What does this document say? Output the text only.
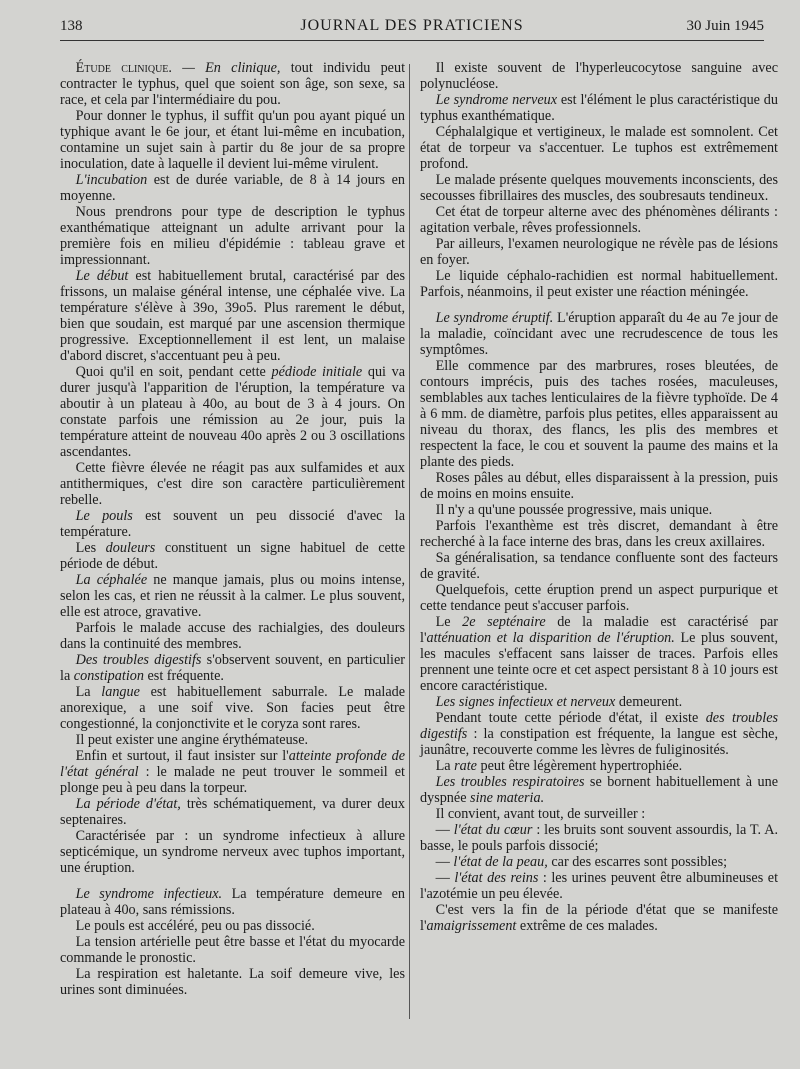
138	JOURNAL DES PRATICIENS	30 Juin 1945

Étude clinique. — En clinique, tout individu peut contracter le typhus, quel que soient son âge, son sexe, sa race, et cela par l'intermédiaire du pou.

Pour donner le typhus, il suffit qu'un pou ayant piqué un typhique avant le 6e jour, et étant lui-même en incubation, contamine un sujet sain à partir du 8e jour de sa propre inoculation, date à laquelle il devient lui-même virulent.

L'incubation est de durée variable, de 8 à 14 jours en moyenne.

Nous prendrons pour type de description le typhus exanthématique atteignant un adulte arrivant pour la première fois en milieu d'épidémie : tableau grave et impressionnant.

Le début est habituellement brutal, caractérisé par des frissons, un malaise général intense, une céphalée vive. La température s'élève à 39o, 39o5. Plus rarement le début, bien que soudain, est marqué par une ascension thermique progressive. Exceptionnellement il est lent, un malaise d'abord discret, s'accentuant peu à peu.

Quoi qu'il en soit, pendant cette pédiode initiale qui va durer jusqu'à l'apparition de l'éruption, la température va aboutir à un plateau à 40o, au bout de 3 à 4 jours. On constate parfois une rémission au 2e jour, puis la température atteint de nouveau 40o après 2 ou 3 oscillations ascendantes.

Cette fièvre élevée ne réagit pas aux sulfamides et aux antithermiques, c'est dire son caractère particulièrement rebelle.

Le pouls est souvent un peu dissocié d'avec la température.

Les douleurs constituent un signe habituel de cette période de début.

La céphalée ne manque jamais, plus ou moins intense, selon les cas, et rien ne réussit à la calmer. Le plus souvent, elle est atroce, gravative.

Parfois le malade accuse des rachialgies, des douleurs dans la continuité des membres.

Des troubles digestifs s'observent souvent, en particulier la constipation est fréquente.

La langue est habituellement saburrale. Le malade anorexique, a une soif vive. Son facies peut être congestionné, la conjonctivite et le coryza sont rares.

Il peut exister une angine érythémateuse.

Enfin et surtout, il faut insister sur l'atteinte profonde de l'état général : le malade ne peut trouver le sommeil et plonge peu à peu dans la torpeur.

La période d'état, très schématiquement, va durer deux septenaires.

Caractérisée par : un syndrome infectieux à allure septicémique, un syndrome nerveux avec tuphos important, une éruption.

Le syndrome infectieux. La température demeure en plateau à 40o, sans rémissions.

Le pouls est accéléré, peu ou pas dissocié.

La tension artérielle peut être basse et l'état du myocarde commande le pronostic.

La respiration est haletante. La soif demeure vive, les urines sont diminuées.

Il existe souvent de l'hyperleucocytose sanguine avec polynucléose.

Le syndrome nerveux est l'élément le plus caractéristique du typhus exanthématique.

Céphalalgique et vertigineux, le malade est somnolent. Cet état de torpeur va s'accentuer. Le tuphos est extrêmement profond.

Le malade présente quelques mouvements inconscients, des secousses fibrillaires des muscles, des soubresauts tendineux.

Cet état de torpeur alterne avec des phénomènes délirants : agitation verbale, rêves professionnels.

Par ailleurs, l'examen neurologique ne révèle pas de lésions en foyer.

Le liquide céphalo-rachidien est normal habituellement. Parfois, néanmoins, il peut exister une réaction méningée.

Le syndrome éruptif. L'éruption apparaît du 4e au 7e jour de la maladie, coïncidant avec une recrudescence de tous les symptômes.

Elle commence par des marbrures, roses bleutées, de contours imprécis, puis des taches rosées, maculeuses, semblables aux taches lenticulaires de la fièvre typhoïde. De 4 à 6 mm. de diamètre, parfois plus petites, elles apparaissent au niveau du thorax, des flancs, les plis des membres et respectent la face, le cou et souvent la paume des mains et la plante des pieds.

Roses pâles au début, elles disparaissent à la pression, puis de moins en moins ensuite.

Il n'y a qu'une poussée progressive, mais unique.

Parfois l'exanthème est très discret, demandant à être recherché à la face interne des bras, dans les creux axillaires.

Sa généralisation, sa tendance confluente sont des facteurs de gravité.

Quelquefois, cette éruption prend un aspect purpurique et cette tendance peut s'accuser parfois.

Le 2e septénaire de la maladie est caractérisé par l'atténuation et la disparition de l'éruption. Le plus souvent, les macules s'effacent sans laisser de traces. Parfois elles prennent une teinte ocre et cet aspect persistant 8 à 10 jours est encore caractéristique.

Les signes infectieux et nerveux demeurent.

Pendant toute cette période d'état, il existe des troubles digestifs : la constipation est fréquente, la langue est sèche, jaunâtre, recouverte comme les lèvres de fuliginosités.

La rate peut être légèrement hypertrophiée.

Les troubles respiratoires se bornent habituellement à une dyspnée sine materia.

Il convient, avant tout, de surveiller :

— l'état du cœur : les bruits sont souvent assourdis, la T. A. basse, le pouls parfois dissocié;

— l'état de la peau, car des escarres sont possibles;

— l'état des reins : les urines peuvent être albumineuses et l'azotémie un peu élevée.

C'est vers la fin de la période d'état que se manifeste l'amaigrissement extrême de ces malades.
